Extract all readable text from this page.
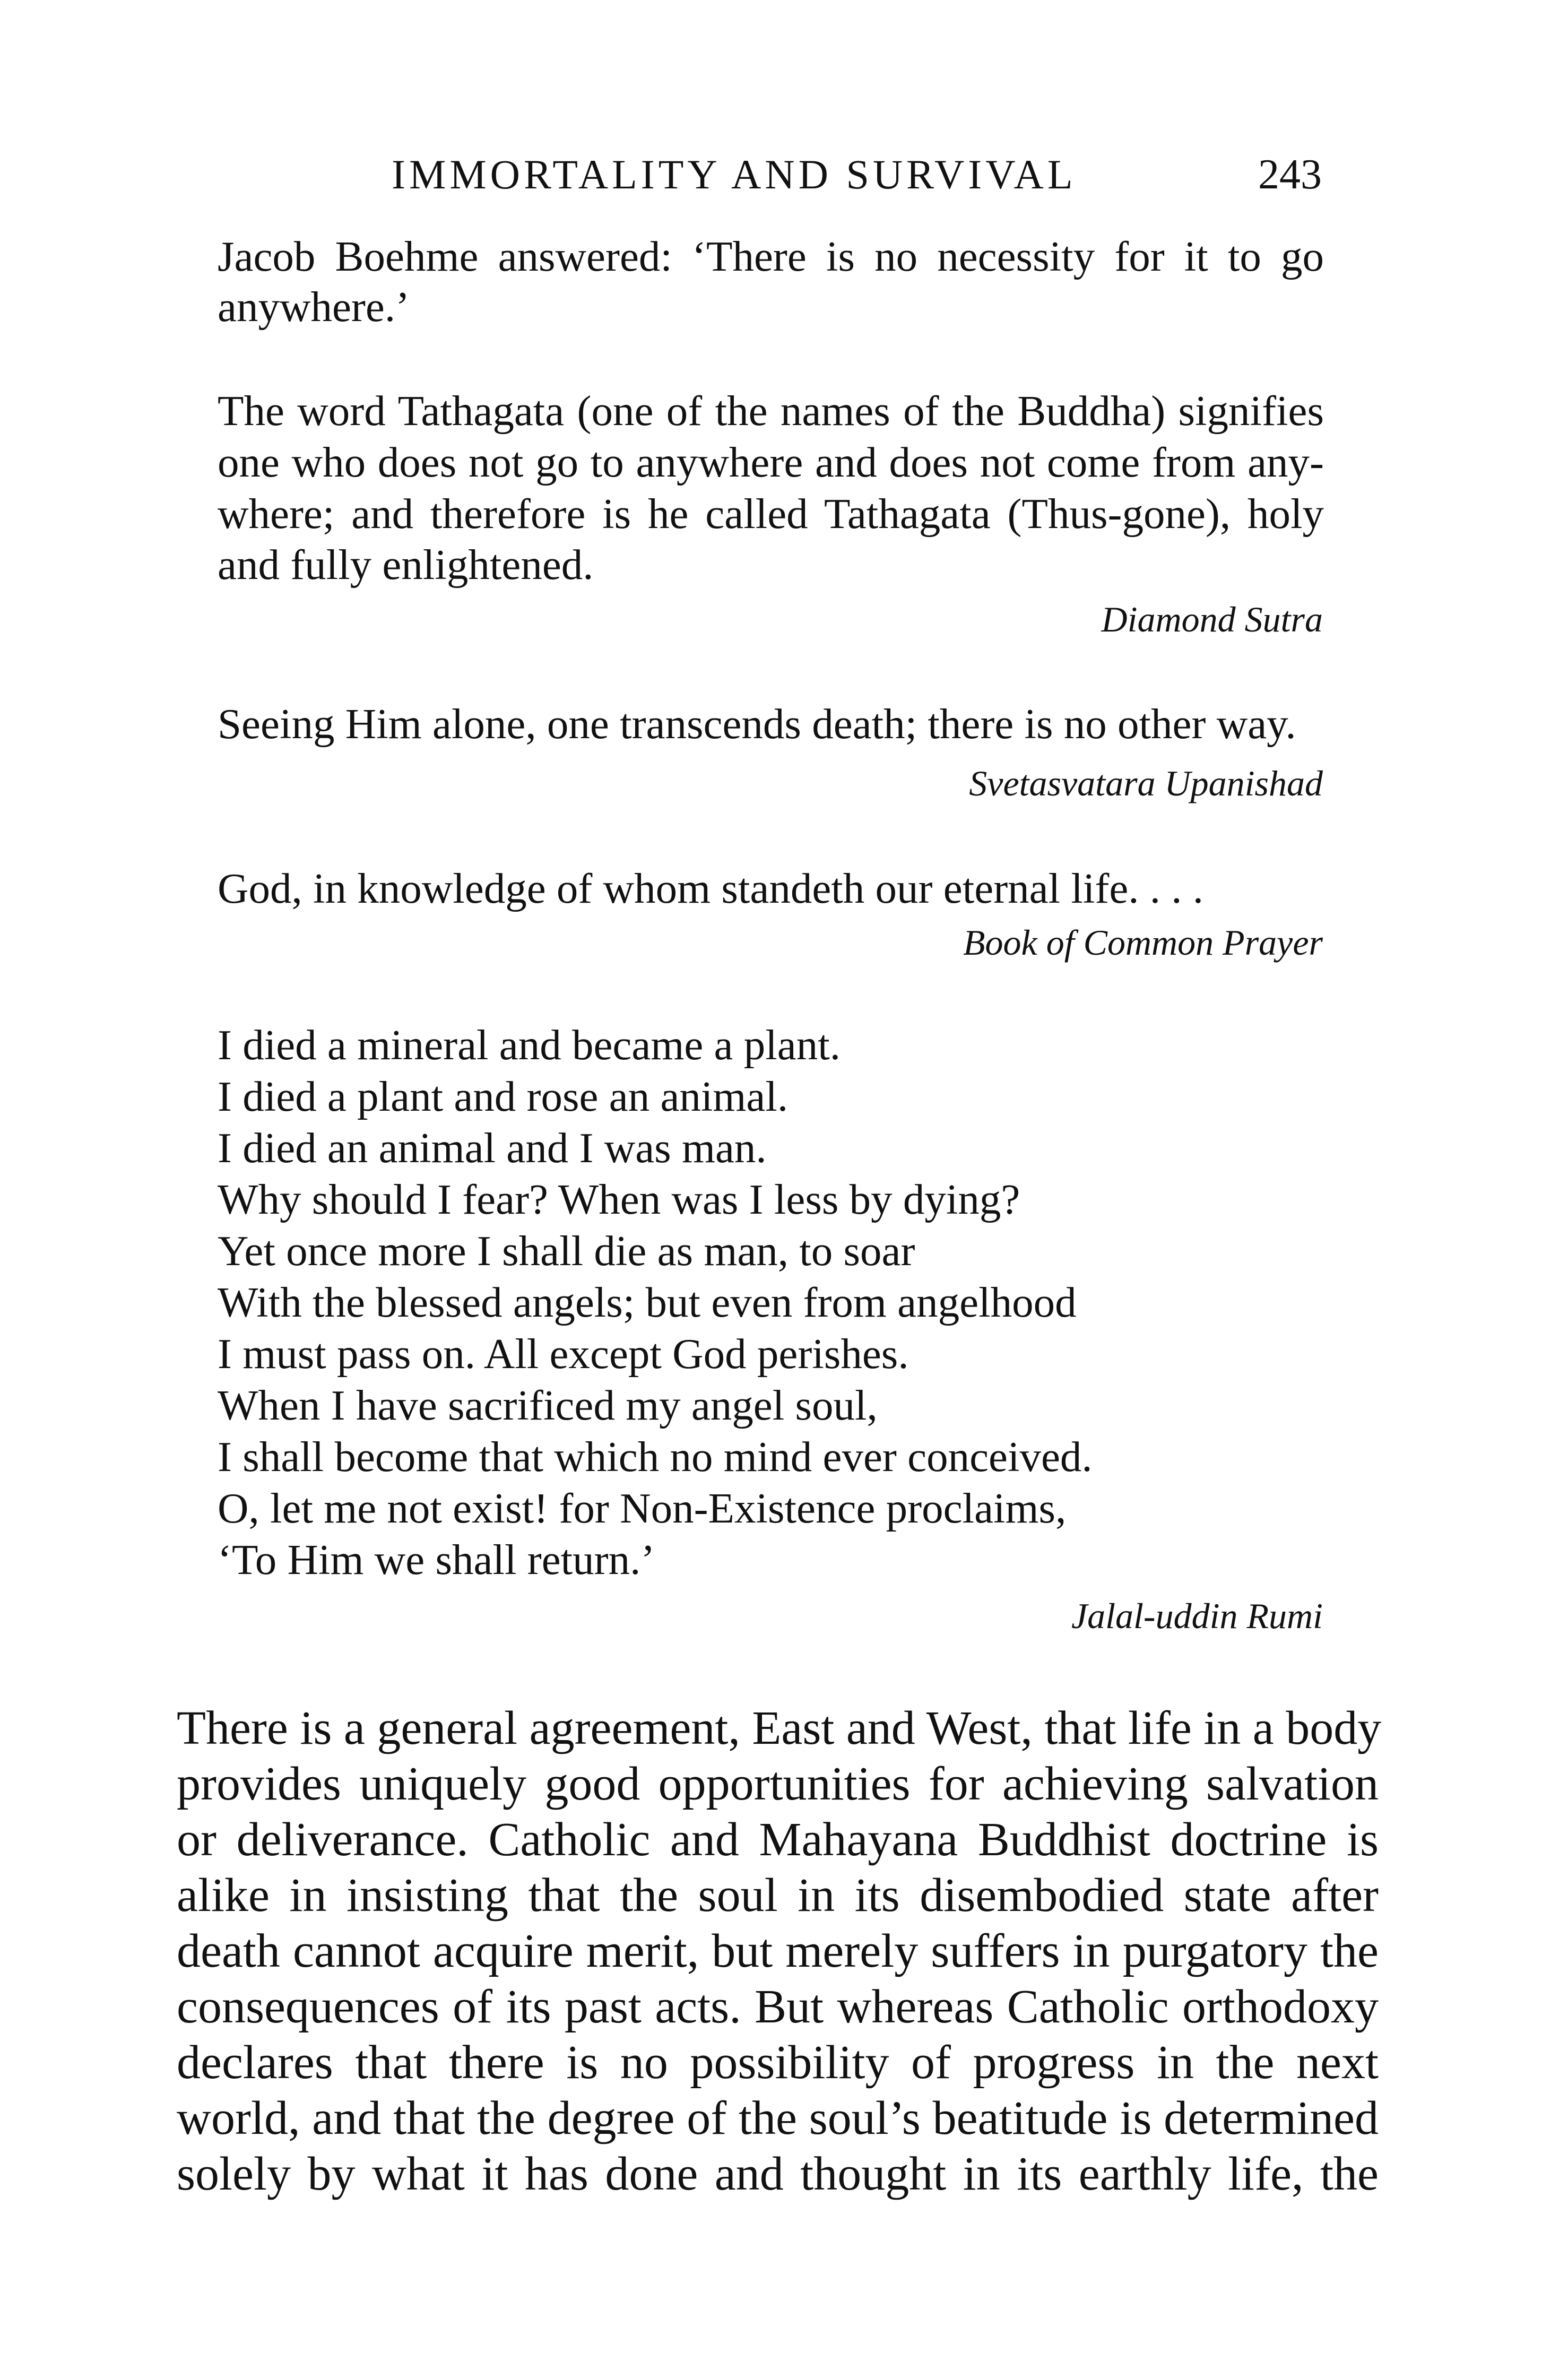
IMMORTALITY AND SURVIVAL	243
Jacob Boehme answered: ‘There is no necessity for it to go
anywhere.’
The word Tathagata (one of the names of the Buddha) signifies
one who does not go to anywhere and does not come from any-
where; and therefore is he called Tathagata (Thus-gone), holy
and fully enlightened.
Diamond Sutra
Seeing Him alone, one transcends death; there is no other way.
Svetasvatara Upanishad
God, in knowledge of whom standeth our eternal life. . . .
Book of Common Prayer
I died a mineral and became a plant.
I died a plant and rose an animal.
I died an animal and I was man.
Why should I fear? When was I less by dying?
Yet once more I shall die as man, to soar
With the blessed angels; but even from angelhood
I must pass on. All except God perishes.
When I have sacrificed my angel soul,
I shall become that which no mind ever conceived.
O, let me not exist! for Non-Existence proclaims,
‘To Him we shall return.’
Jalal-uddin Rumi
There is a general agreement, East and West, that life in a body
provides uniquely good opportunities for achieving salvation
or deliverance. Catholic and Mahayana Buddhist doctrine is
alike in insisting that the soul in its disembodied state after
death cannot acquire merit, but merely suffers in purgatory the
consequences of its past acts. But whereas Catholic orthodoxy
declares that there is no possibility of progress in the next
world, and that the degree of the soul’s beatitude is determined
solely by what it has done and thought in its earthly life, the
